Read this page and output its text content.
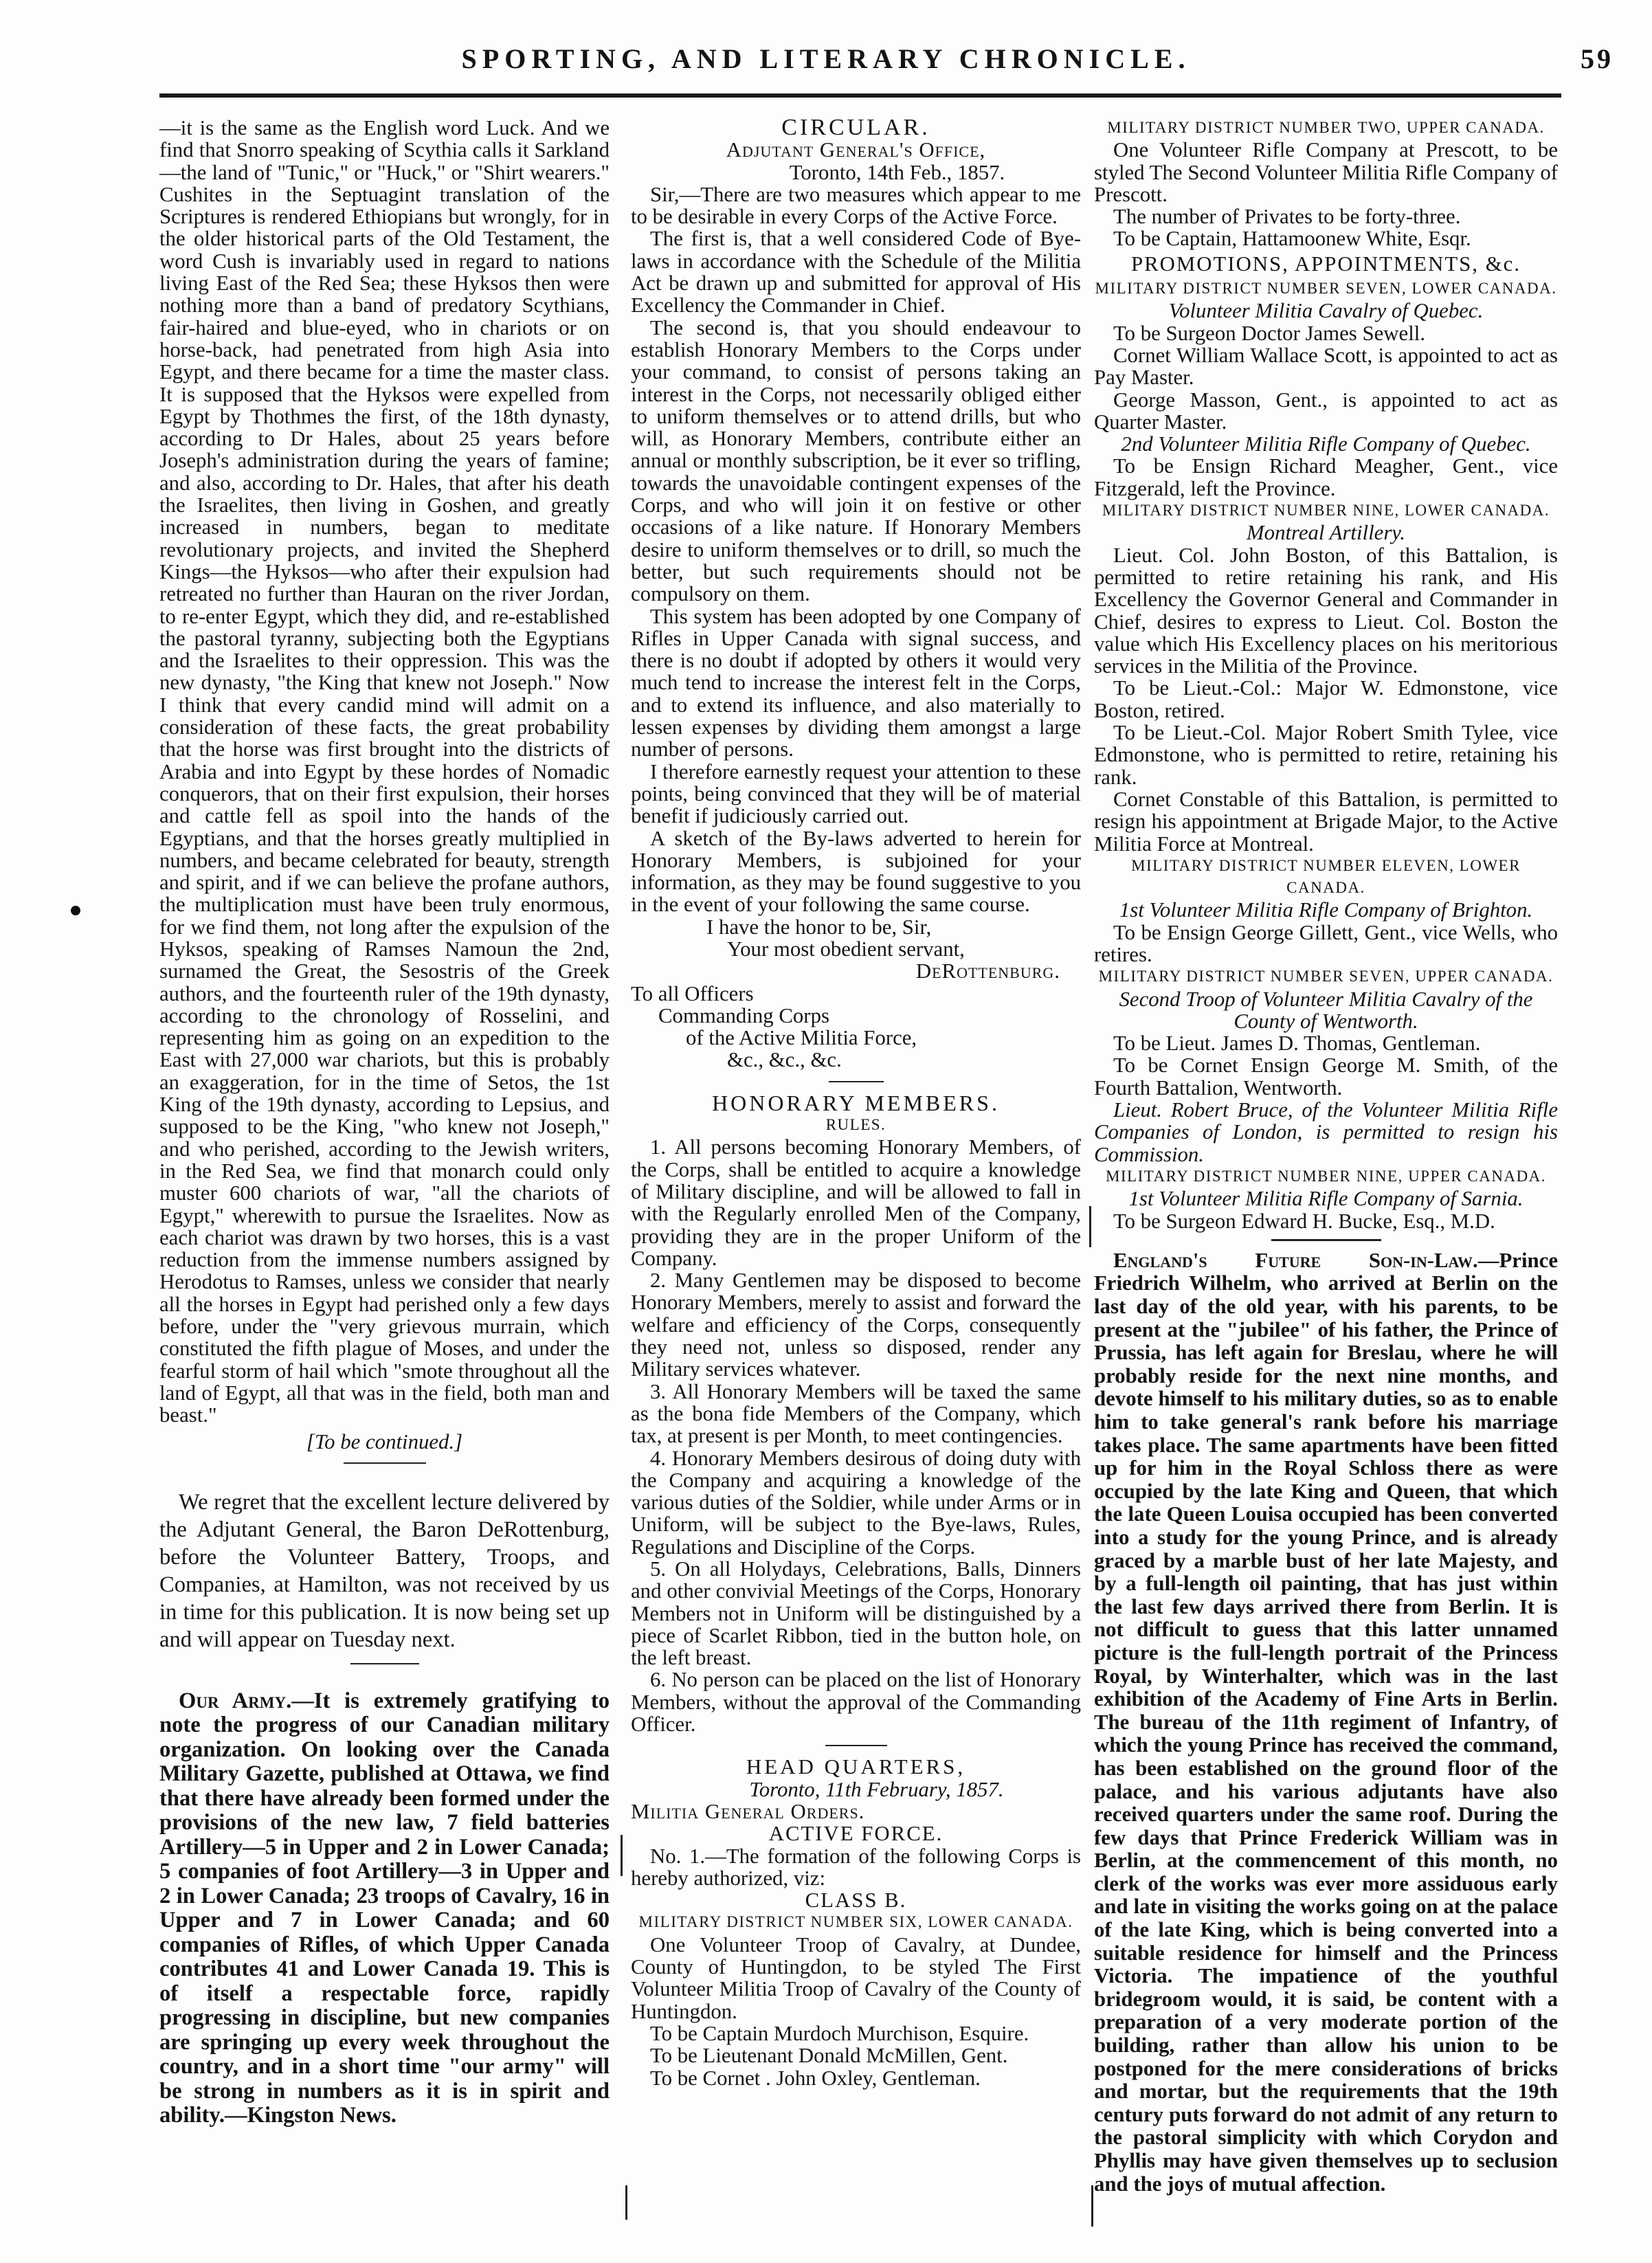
SPORTING, AND LITERARY CHRONICLE.	59

—it is the same as the English word Luck. And we find that Snorro speaking of Scythia calls it Sarkland—the land of "Tunic," or "Huck," or "Shirt wearers." Cushites in the Septuagint translation of the Scriptures is rendered Ethiopians but wrongly, for in the older historical parts of the Old Testament, the word Cush is invariably used in regard to nations living East of the Red Sea; these Hyksos then were nothing more than a band of predatory Scythians, fair-haired and blue-eyed, who in chariots or on horse-back, had penetrated from high Asia into Egypt, and there became for a time the master class. It is supposed that the Hyksos were expelled from Egypt by Thothmes the first, of the 18th dynasty, according to Dr Hales, about 25 years before Joseph's administration during the years of famine; and also, according to Dr. Hales, that after his death the Israelites, then living in Goshen, and greatly increased in numbers, began to meditate revolutionary projects, and invited the Shepherd Kings—the Hyksos—who after their expulsion had retreated no further than Hauran on the river Jordan, to re-enter Egypt, which they did, and re-established the pastoral tyranny, subjecting both the Egyptians and the Israelites to their oppression. This was the new dynasty, "the King that knew not Joseph." Now I think that every candid mind will admit on a consideration of these facts, the great probability that the horse was first brought into the districts of Arabia and into Egypt by these hordes of Nomadic conquerors, that on their first expulsion, their horses and cattle fell as spoil into the hands of the Egyptians, and that the horses greatly multiplied in numbers, and became celebrated for beauty, strength and spirit, and if we can believe the profane authors, the multiplication must have been truly enormous, for we find them, not long after the expulsion of the Hyksos, speaking of Ramses Namoun the 2nd, surnamed the Great, the Sesostris of the Greek authors, and the fourteenth ruler of the 19th dynasty, according to the chronology of Rosselini, and representing him as going on an expedition to the East with 27,000 war chariots, but this is probably an exaggeration, for in the time of Setos, the 1st King of the 19th dynasty, according to Lepsius, and supposed to be the King, "who knew not Joseph," and who perished, according to the Jewish writers, in the Red Sea, we find that monarch could only muster 600 chariots of war, "all the chariots of Egypt," wherewith to pursue the Israelites. Now as each chariot was drawn by two horses, this is a vast reduction from the immense numbers assigned by Herodotus to Ramses, unless we consider that nearly all the horses in Egypt had perished only a few days before, under the "very grievous murrain, which constituted the fifth plague of Moses, and under the fearful storm of hail which "smote throughout all the land of Egypt, all that was in the field, both man and beast."

[To be continued.]

We regret that the excellent lecture delivered by the Adjutant General, the Baron DeRottenburg, before the Volunteer Battery, Troops, and Companies, at Hamilton, was not received by us in time for this publication. It is now being set up and will appear on Tuesday next.

Our Army.—It is extremely gratifying to note the progress of our Canadian military organization. On looking over the Canada Military Gazette, published at Ottawa, we find that there have already been formed under the provisions of the new law, 7 field batteries Artillery—5 in Upper and 2 in Lower Canada; 5 companies of foot Artillery—3 in Upper and 2 in Lower Canada; 23 troops of Cavalry, 16 in Upper and 7 in Lower Canada; and 60 companies of Rifles, of which Upper Canada contributes 41 and Lower Canada 19. This is of itself a respectable force, rapidly progressing in discipline, but new companies are springing up every week throughout the country, and in a short time "our army" will be strong in numbers as it is in spirit and ability.—Kingston News.

CIRCULAR.

Adjutant General's Office,

Toronto, 14th Feb., 1857.

Sir,—There are two measures which appear to me to be desirable in every Corps of the Active Force.

The first is, that a well considered Code of Bye-laws in accordance with the Schedule of the Militia Act be drawn up and submitted for approval of His Excellency the Commander in Chief.

The second is, that you should endeavour to establish Honorary Members to the Corps under your command, to consist of persons taking an interest in the Corps, not necessarily obliged either to uniform themselves or to attend drills, but who will, as Honorary Members, contribute either an annual or monthly subscription, be it ever so trifling, towards the unavoidable contingent expenses of the Corps, and who will join it on festive or other occasions of a like nature. If Honorary Members desire to uniform themselves or to drill, so much the better, but such requirements should not be compulsory on them.

This system has been adopted by one Company of Rifles in Upper Canada with signal success, and there is no doubt if adopted by others it would very much tend to increase the interest felt in the Corps, and to extend its influence, and also materially to lessen expenses by dividing them amongst a large number of persons.

I therefore earnestly request your attention to these points, being convinced that they will be of material benefit if judiciously carried out.

A sketch of the By-laws adverted to herein for Honorary Members, is subjoined for your information, as they may be found suggestive to you in the event of your following the same course.

I have the honor to be, Sir,

Your most obedient servant,

DeRottenburg.

To all Officers

Commanding Corps

of the Active Militia Force,

&c., &c., &c.

HONORARY MEMBERS.

RULES.

1. All persons becoming Honorary Members, of the Corps, shall be entitled to acquire a knowledge of Military discipline, and will be allowed to fall in with the Regularly enrolled Men of the Company, providing they are in the proper Uniform of the Company.

2. Many Gentlemen may be disposed to become Honorary Members, merely to assist and forward the welfare and efficiency of the Corps, consequently they need not, unless so disposed, render any Military services whatever.

3. All Honorary Members will be taxed the same as the bona fide Members of the Company, which tax, at present is per Month, to meet contingencies.

4. Honorary Members desirous of doing duty with the Company and acquiring a knowledge of the various duties of the Soldier, while under Arms or in Uniform, will be subject to the Bye-laws, Rules, Regulations and Discipline of the Corps.

5. On all Holydays, Celebrations, Balls, Dinners and other convivial Meetings of the Corps, Honorary Members not in Uniform will be distinguished by a piece of Scarlet Ribbon, tied in the button hole, on the left breast.

6. No person can be placed on the list of Honorary Members, without the approval of the Commanding Officer.

HEAD QUARTERS,

Toronto, 11th February, 1857.

Militia General Orders.

ACTIVE FORCE.

No. 1.—The formation of the following Corps is hereby authorized, viz:

CLASS B.

MILITARY DISTRICT NUMBER SIX, LOWER CANADA.

One Volunteer Troop of Cavalry, at Dundee, County of Huntingdon, to be styled The First Volunteer Militia Troop of Cavalry of the County of Huntingdon.

To be Captain Murdoch Murchison, Esquire.

To be Lieutenant Donald McMillen, Gent.

To be Cornet . John Oxley, Gentleman.

MILITARY DISTRICT NUMBER TWO, UPPER CANADA.

One Volunteer Rifle Company at Prescott, to be styled The Second Volunteer Militia Rifle Company of Prescott.

The number of Privates to be forty-three.

To be Captain, Hattamoonew White, Esqr.

PROMOTIONS, APPOINTMENTS, &c.

MILITARY DISTRICT NUMBER SEVEN, LOWER CANADA.

Volunteer Militia Cavalry of Quebec.

To be Surgeon Doctor James Sewell.

Cornet William Wallace Scott, is appointed to act as Pay Master.

George Masson, Gent., is appointed to act as Quarter Master.

2nd Volunteer Militia Rifle Company of Quebec.

To be Ensign Richard Meagher, Gent., vice Fitzgerald, left the Province.

MILITARY DISTRICT NUMBER NINE, LOWER CANADA.

Montreal Artillery.

Lieut. Col. John Boston, of this Battalion, is permitted to retire retaining his rank, and His Excellency the Governor General and Commander in Chief, desires to express to Lieut. Col. Boston the value which His Excellency places on his meritorious services in the Militia of the Province.

To be Lieut.-Col.: Major W. Edmonstone, vice Boston, retired.

To be Lieut.-Col. Major Robert Smith Tylee, vice Edmonstone, who is permitted to retire, retaining his rank.

Cornet Constable of this Battalion, is permitted to resign his appointment at Brigade Major, to the Active Militia Force at Montreal.

MILITARY DISTRICT NUMBER ELEVEN, LOWER CANADA.

1st Volunteer Militia Rifle Company of Brighton.

To be Ensign George Gillett, Gent., vice Wells, who retires.

MILITARY DISTRICT NUMBER SEVEN, UPPER CANADA.

Second Troop of Volunteer Militia Cavalry of the County of Wentworth.

To be Lieut. James D. Thomas, Gentleman.

To be Cornet Ensign George M. Smith, of the Fourth Battalion, Wentworth.

Lieut. Robert Bruce, of the Volunteer Militia Rifle Companies of London, is permitted to resign his Commission.

MILITARY DISTRICT NUMBER NINE, UPPER CANADA.

1st Volunteer Militia Rifle Company of Sarnia.

To be Surgeon Edward H. Bucke, Esq., M.D.

England's Future Son-in-Law.—Prince Friedrich Wilhelm, who arrived at Berlin on the last day of the old year, with his parents, to be present at the "jubilee" of his father, the Prince of Prussia, has left again for Breslau, where he will probably reside for the next nine months, and devote himself to his military duties, so as to enable him to take general's rank before his marriage takes place. The same apartments have been fitted up for him in the Royal Schloss there as were occupied by the late King and Queen, that which the late Queen Louisa occupied has been converted into a study for the young Prince, and is already graced by a marble bust of her late Majesty, and by a full-length oil painting, that has just within the last few days arrived there from Berlin. It is not difficult to guess that this latter unnamed picture is the full-length portrait of the Princess Royal, by Winterhalter, which was in the last exhibition of the Academy of Fine Arts in Berlin. The bureau of the 11th regiment of Infantry, of which the young Prince has received the command, has been established on the ground floor of the palace, and his various adjutants have also received quarters under the same roof. During the few days that Prince Frederick William was in Berlin, at the commencement of this month, no clerk of the works was ever more assiduous early and late in visiting the works going on at the palace of the late King, which is being converted into a suitable residence for himself and the Princess Victoria. The impatience of the youthful bridegroom would, it is said, be content with a preparation of a very moderate portion of the building, rather than allow his union to be postponed for the mere considerations of bricks and mortar, but the requirements that the 19th century puts forward do not admit of any return to the pastoral simplicity with which Corydon and Phyllis may have given themselves up to seclusion and the joys of mutual affection.
